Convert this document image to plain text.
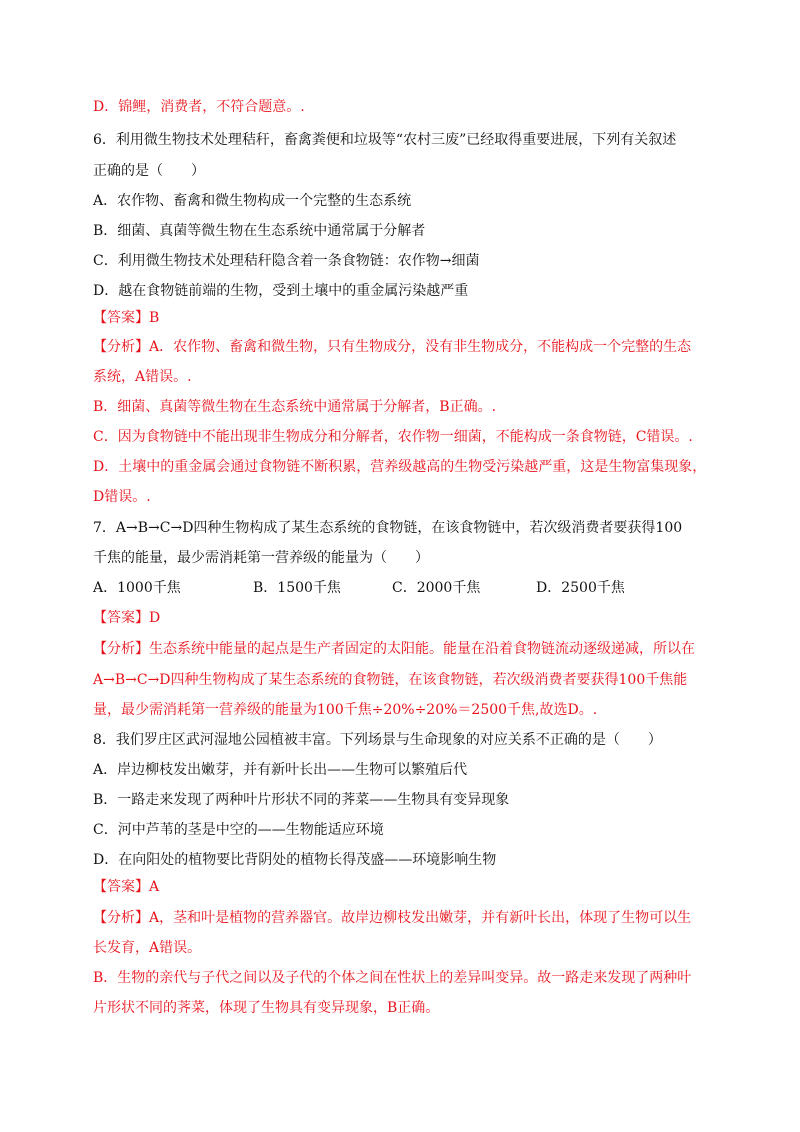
D．锦鲤，消费者，不符合题意。.
6．利用微生物技术处理秸秆，畜禽粪便和垃圾等“农村三废”已经取得重要进展，下列有关叙述
正确的是（　　）
A．农作物、畜禽和微生物构成一个完整的生态系统
B．细菌、真菌等微生物在生态系统中通常属于分解者
C．利用微生物技术处理秸秆隐含着一条食物链：农作物→细菌
D．越在食物链前端的生物，受到土壤中的重金属污染越严重
【答案】B
【分析】A．农作物、畜禽和微生物，只有生物成分，没有非生物成分，不能构成一个完整的生态
系统，A错误。.
B．细菌、真菌等微生物在生态系统中通常属于分解者，B正确。.
C．因为食物链中不能出现非生物成分和分解者，农作物一细菌，不能构成一条食物链，C错误。.
D．土壤中的重金属会通过食物链不断积累，营养级越高的生物受污染越严重，这是生物富集现象，
D错误。.
7．A→B→C→D四种生物构成了某生态系统的食物链，在该食物链中，若次级消费者要获得100
千焦的能量，最少需消耗第一营养级的能量为（　　）
A．1000千焦	B．1500千焦	C．2000千焦	D．2500千焦
【答案】D
【分析】生态系统中能量的起点是生产者固定的太阳能。能量在沿着食物链流动逐级递减，所以在
A→B→C→D四种生物构成了某生态系统的食物链，在该食物链，若次级消费者要获得100千焦能
量，最少需消耗第一营养级的能量为100千焦÷20%÷20%＝2500千焦,故选D。.
8．我们罗庄区武河湿地公园植被丰富。下列场景与生命现象的对应关系不正确的是（　　）
A．岸边柳枝发出嫩芽，并有新叶长出——生物可以繁殖后代
B．一路走来发现了两种叶片形状不同的荠菜——生物具有变异现象
C．河中芦苇的茎是中空的——生物能适应环境
D．在向阳处的植物要比背阴处的植物长得茂盛——环境影响生物
【答案】A
【分析】A，茎和叶是植物的营养器官。故岸边柳枝发出嫩芽，并有新叶长出，体现了生物可以生
长发育，A错误。
B．生物的亲代与子代之间以及子代的个体之间在性状上的差异叫变异。故一路走来发现了两种叶
片形状不同的荠菜，体现了生物具有变异现象，B正确。
